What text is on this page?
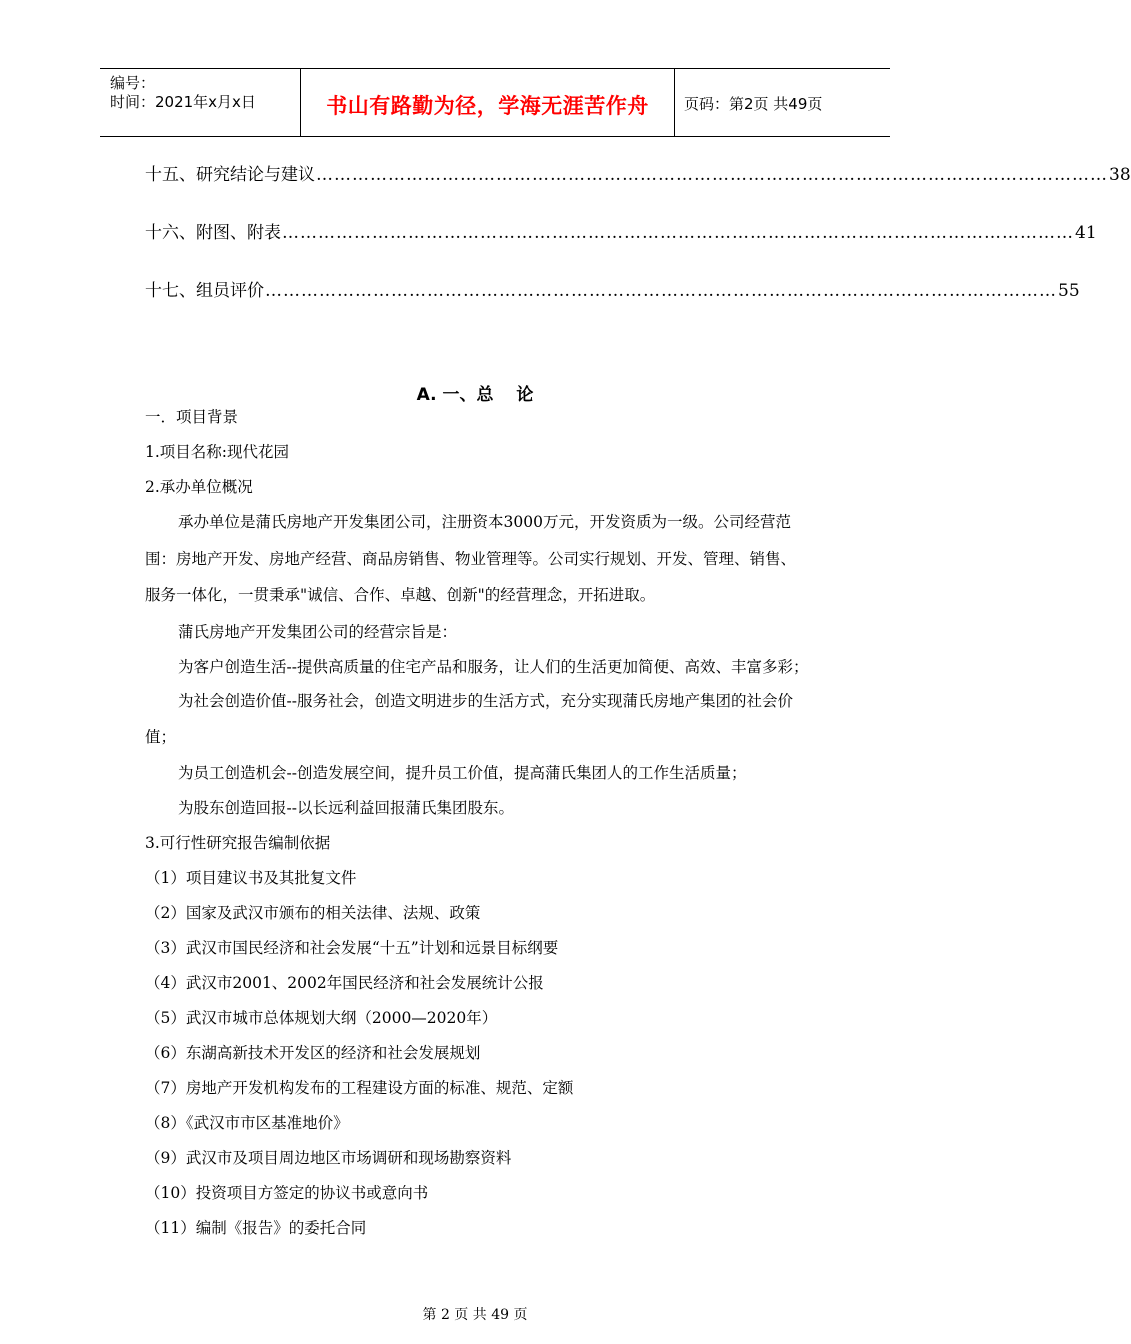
编号：
时间：2021年x月x日	书山有路勤为径，学海无涯苦作舟	页码：第2页 共49页
十五、研究结论与建议 …………………………………………………………………………………………………………………… 38
十六、附图、附表 …………………………………………………………………………………………………………………… 41
十七、组员评价 …………………………………………………………………………………………………………………… 55
A. 一、总　 论
一．项目背景
1.项目名称:现代花园
2.承办单位概况
承办单位是蒲氏房地产开发集团公司，注册资本3000万元，开发资质为一级。公司经营范
围：房地产开发、房地产经营、商品房销售、物业管理等。公司实行规划、开发、管理、销售、
服务一体化，一贯秉承"诚信、合作、卓越、创新"的经营理念，开拓进取。
蒲氏房地产开发集团公司的经营宗旨是：
为客户创造生活--提供高质量的住宅产品和服务，让人们的生活更加简便、高效、丰富多彩；
为社会创造价值--服务社会，创造文明进步的生活方式，充分实现蒲氏房地产集团的社会价
值；
为员工创造机会--创造发展空间，提升员工价值，提高蒲氏集团人的工作生活质量；
为股东创造回报--以长远利益回报蒲氏集团股东。
3.可行性研究报告编制依据
（1）项目建议书及其批复文件
（2）国家及武汉市颁布的相关法律、法规、政策
（3）武汉市国民经济和社会发展“十五”计划和远景目标纲要
（4）武汉市2001、2002年国民经济和社会发展统计公报
（5）武汉市城市总体规划大纲（2000—2020年）
（6）东湖高新技术开发区的经济和社会发展规划
（7）房地产开发机构发布的工程建设方面的标准、规范、定额
（8）《武汉市市区基准地价》
（9）武汉市及项目周边地区市场调研和现场勘察资料
（10）投资项目方签定的协议书或意向书
（11）编制《报告》的委托合同
第 2 页 共 49 页
